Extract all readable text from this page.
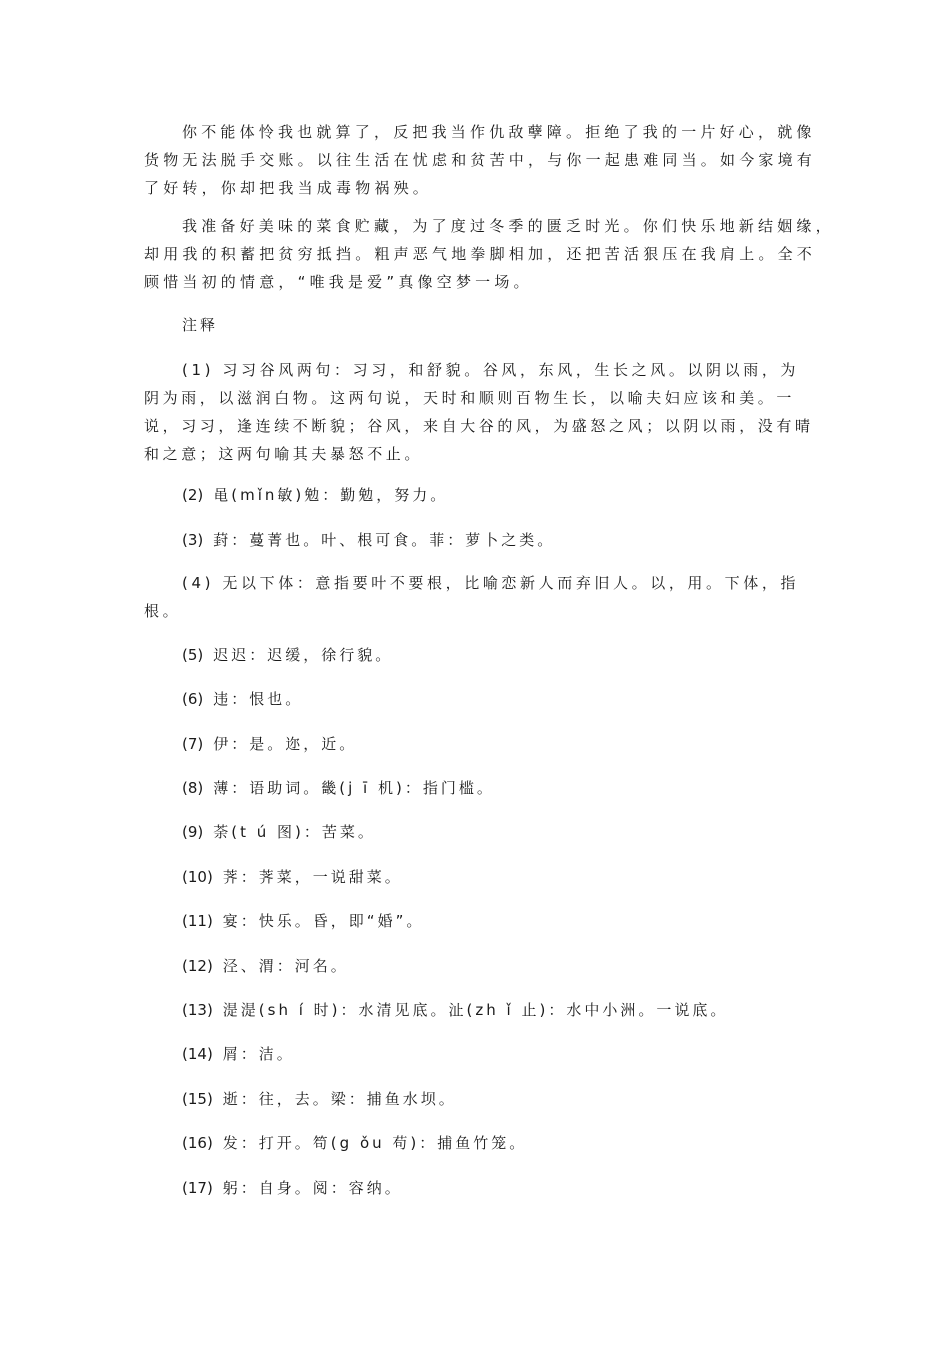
你不能体怜我也就算了，反把我当作仇敌孽障。拒绝了我的一片好心，就像
货物无法脱手交账。以往生活在忧虑和贫苦中，与你一起患难同当。如今家境有
了好转，你却把我当成毒物祸殃。
我准备好美味的菜食贮藏，为了度过冬季的匮乏时光。你们快乐地新结姻缘，
却用我的积蓄把贫穷抵挡。粗声恶气地拳脚相加，还把苦活狠压在我肩上。全不
顾惜当初的情意，“唯我是爱”真像空梦一场。
注释
(1) 习习谷风两句：习习，和舒貌。谷风，东风，生长之风。以阴以雨，为
阴为雨，以滋润白物。这两句说，天时和顺则百物生长，以喻夫妇应该和美。一
说，习习，逢连续不断貌；谷风，来自大谷的风，为盛怒之风；以阴以雨，没有晴
和之意；这两句喻其夫暴怒不止。
(2) 黾(mǐn敏)勉：勤勉，努力。
(3) 葑：蔓菁也。叶、根可食。菲：萝卜之类。
(4) 无以下体：意指要叶不要根，比喻恋新人而弃旧人。以，用。下体，指
根。
(5) 迟迟：迟缓，徐行貌。
(6) 违：恨也。
(7) 伊：是。迩，近。
(8) 薄：语助词。畿(j ī 机)：指门槛。
(9) 荼(t ú 图)：苦菜。
(10) 荠：荠菜，一说甜菜。
(11) 宴：快乐。昏，即“婚”。
(12) 泾、渭：河名。
(13) 湜湜(sh í 时)：水清见底。沚(zh ǐ 止)：水中小洲。一说底。
(14) 屑：洁。
(15) 逝：往，去。梁：捕鱼水坝。
(16) 发：打开。笱(g ǒu 苟)：捕鱼竹笼。
(17) 躬：自身。阅：容纳。
